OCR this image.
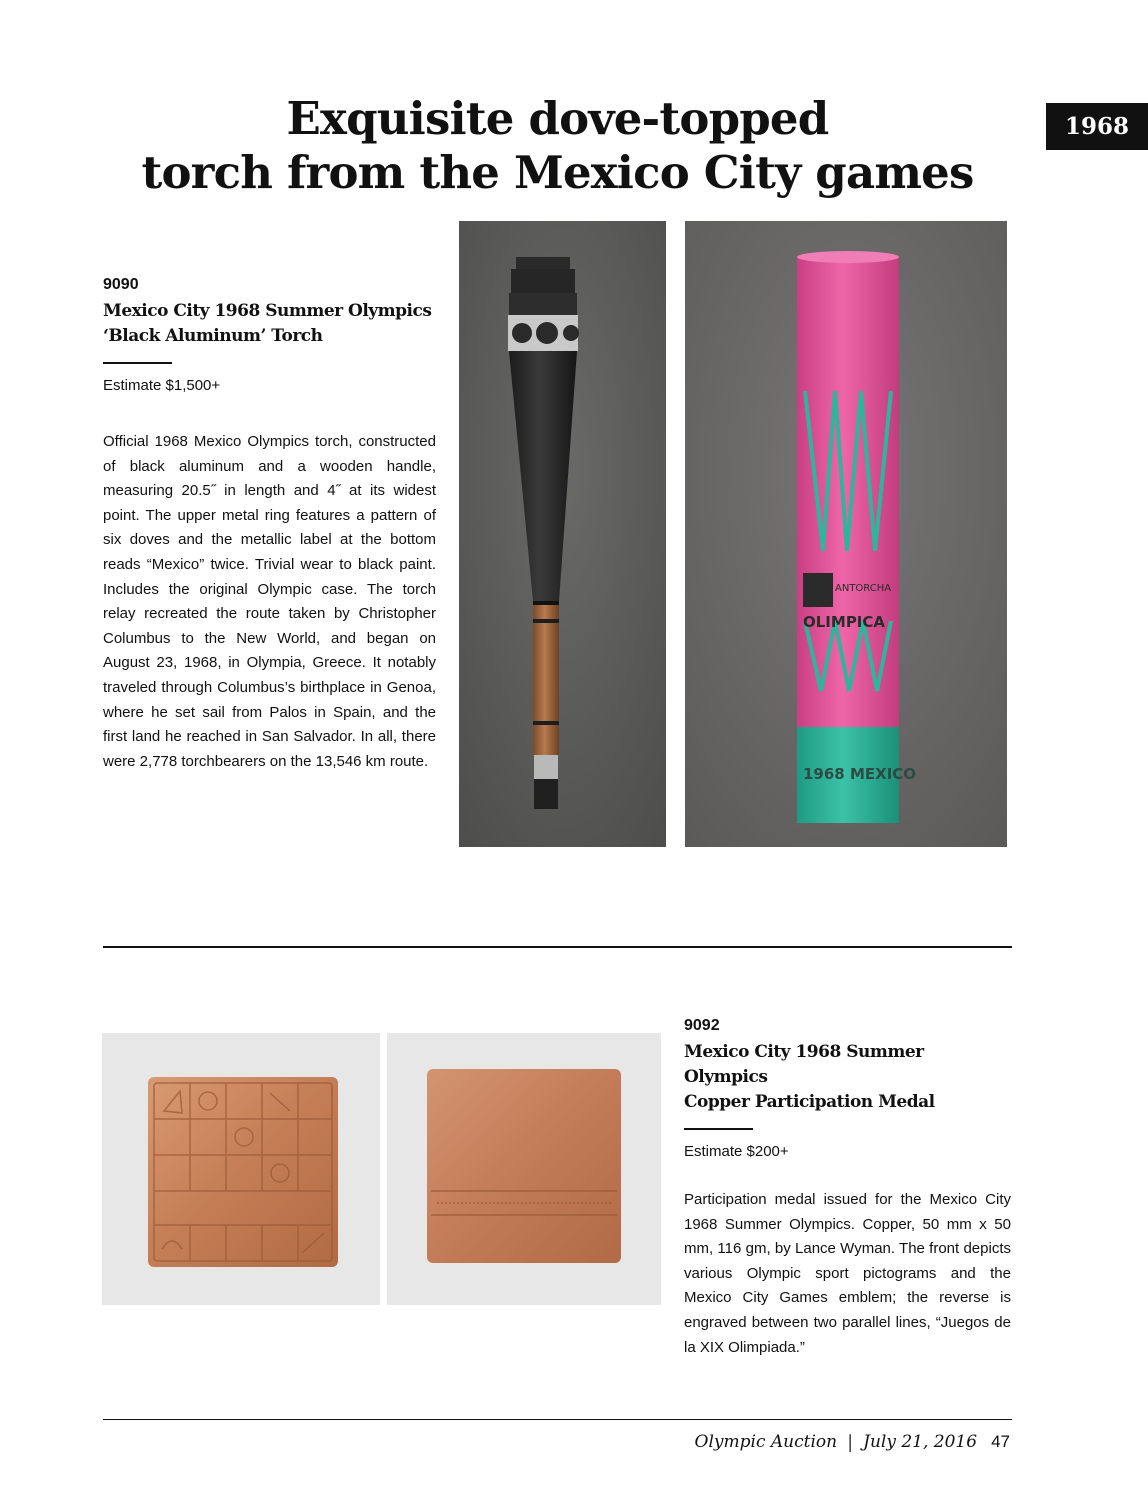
Exquisite dove-topped
torch from the Mexico City games
1968
9090
Mexico City 1968 Summer Olympics
‘Black Aluminum’ Torch
Estimate $1,500+
Official 1968 Mexico Olympics torch, constructed of black aluminum and a wooden handle, measuring 20.5˝ in length and 4˝ at its widest point. The upper metal ring features a pattern of six doves and the metallic label at the bottom reads “Mexico” twice. Trivial wear to black paint. Includes the original Olympic case. The torch relay recreated the route taken by Christopher Columbus to the New World, and began on August 23, 1968, in Olympia, Greece. It notably traveled through Columbus’s birthplace in Genoa, where he set sail from Palos in Spain, and the first land he reached in San Salvador. In all, there were 2,778 torchbearers on the 13,546 km route.
ANTORCHA
OLIMPICA
1968 MEXICO
9092
Mexico City 1968 Summer Olympics
Copper Participation Medal
Estimate $200+
Participation medal issued for the Mexico City 1968 Summer Olympics. Copper, 50 mm x 50 mm, 116 gm, by Lance Wyman. The front depicts various Olympic sport pictograms and the Mexico City Games emblem; the reverse is engraved between two parallel lines, “Juegos de la XIX Olimpiada.”
Olympic Auction | July 21, 2016 47
